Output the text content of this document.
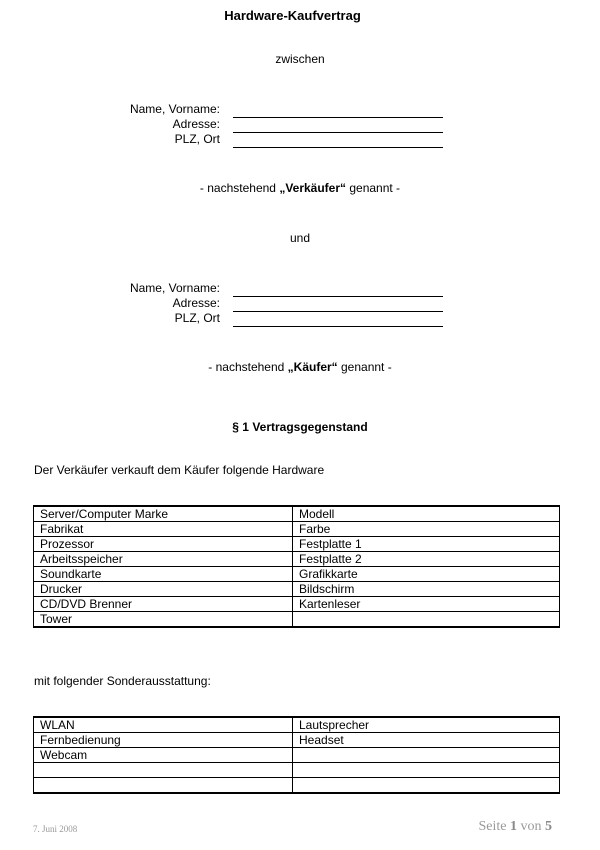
Hardware-Kaufvertrag
zwischen
Name, Vorname:
Adresse:
PLZ, Ort
- nachstehend „Verkäufer“ genannt -
und
Name, Vorname:
Adresse:
PLZ, Ort
- nachstehend „Käufer“ genannt -
§ 1 Vertragsgegenstand
Der Verkäufer verkauft dem Käufer folgende Hardware
Server/Computer Marke	Modell
Fabrikat	Farbe
Prozessor	Festplatte 1
Arbeitsspeicher	Festplatte 2
Soundkarte	Grafikkarte
Drucker	Bildschirm
CD/DVD Brenner	Kartenleser
Tower	
mit folgender Sonderausstattung:
WLAN	Lautsprecher
Fernbedienung	Headset
Webcam	

7. Juni 2008	Seite 1 von 5
